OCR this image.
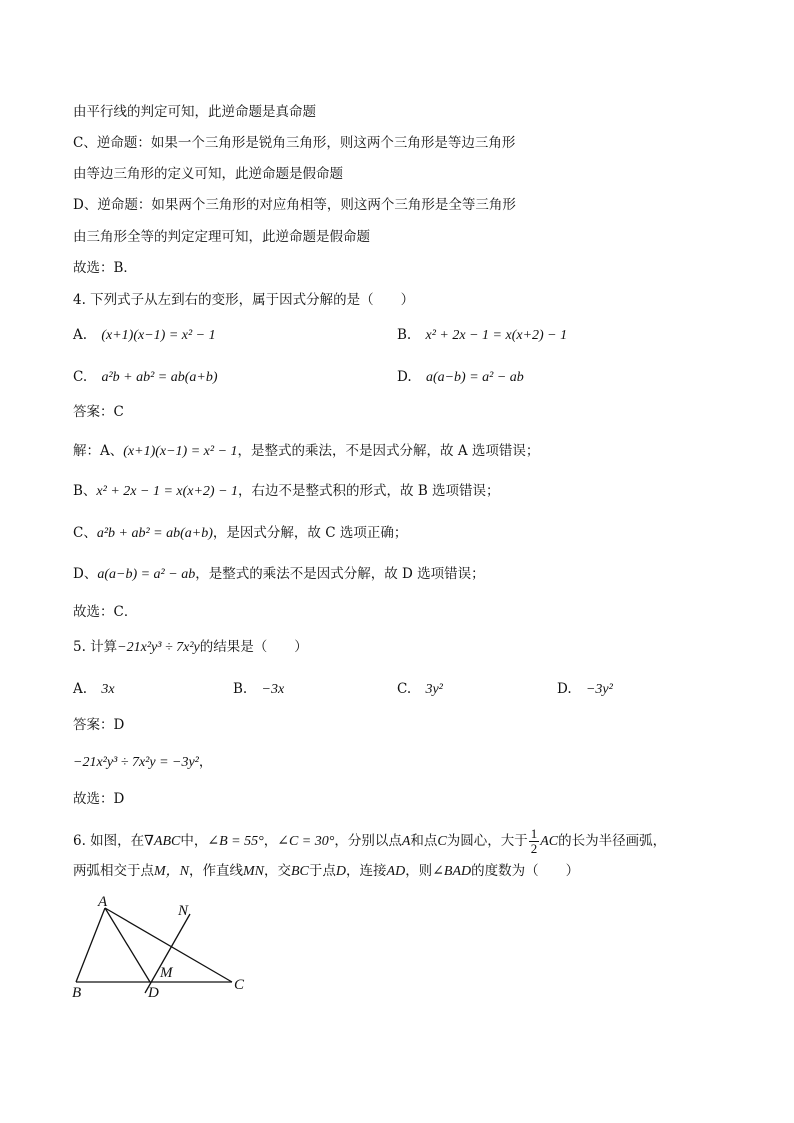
由平行线的判定可知，此逆命题是真命题
C、逆命题：如果一个三角形是锐角三角形，则这两个三角形是等边三角形
由等边三角形的定义可知，此逆命题是假命题
D、逆命题：如果两个三角形的对应角相等，则这两个三角形是全等三角形
由三角形全等的判定定理可知，此逆命题是假命题
故选：B．
4. 下列式子从左到右的变形，属于因式分解的是（　　）
A. (x+1)(x−1) = x² − 1	B. x² + 2x − 1 = x(x+2) − 1
C. a²b + ab² = ab(a+b)	D. a(a−b) = a² − ab
答案：C
解：A、(x+1)(x−1) = x² − 1，是整式的乘法，不是因式分解，故 A 选项错误；
B、x² + 2x − 1 = x(x+2) − 1，右边不是整式积的形式，故 B 选项错误；
C、a²b + ab² = ab(a+b)，是因式分解，故 C 选项正确；
D、a(a−b) = a² − ab，是整式的乘法不是因式分解，故 D 选项错误；
故选：C．
5. 计算−21x²y³ ÷ 7x²y的结果是（　　）
A. 3x	B. −3x	C. 3y²	D. −3y²
答案：D
−21x²y³ ÷ 7x²y = −3y²，
故选：D
6. 如图，在∇ABC中，∠B = 55°，∠C = 30°，分别以点A和点C为圆心，大于 $\frac{1}{2}$ AC的长为半径画弧，
两弧相交于点M，N，作直线MN，交BC于点D，连接AD，则∠BAD的度数为（　　）
A
B	C
D
M
N
